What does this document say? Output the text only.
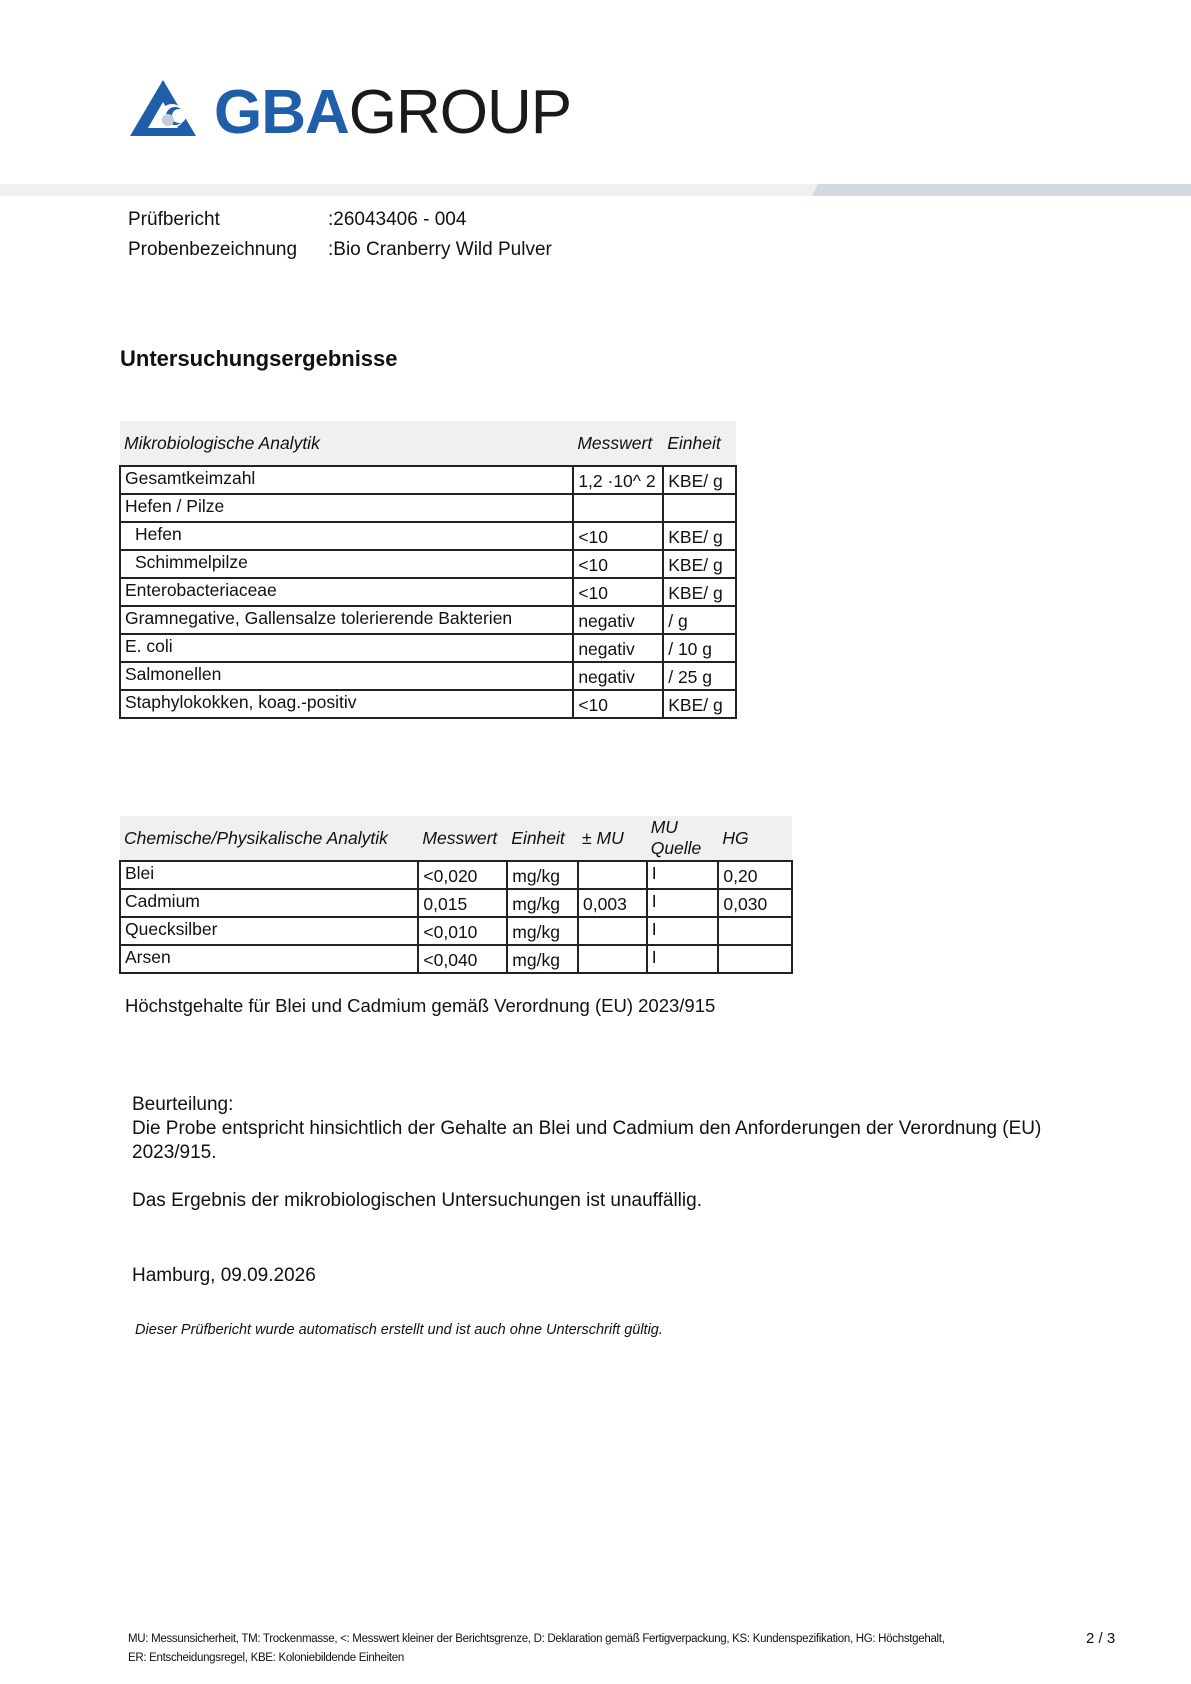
GBAGROUP
Prüfbericht	:26043406 - 004
Probenbezeichnung :Bio Cranberry Wild Pulver
Untersuchungsergebnisse
Mikrobiologische Analytik	Messwert	Einheit
Gesamtkeimzahl	1,2 ·10^ 2	KBE/ g
Hefen / Pilze		
Hefen	<10	KBE/ g
Schimmelpilze	<10	KBE/ g
Enterobacteriaceae	<10	KBE/ g
Gramnegative, Gallensalze tolerierende Bakterien	negativ	/ g
E. coli	negativ	/ 10 g
Salmonellen	negativ	/ 25 g
Staphylokokken, koag.-positiv	<10	KBE/ g
Chemische/Physikalische Analytik	Messwert	Einheit	± MU	MU Quelle	HG
Blei	<0,020	mg/kg		I	0,20
Cadmium	0,015	mg/kg	0,003	I	0,030
Quecksilber	<0,010	mg/kg		I	
Arsen	<0,040	mg/kg		I	
Höchstgehalte für Blei und Cadmium gemäß Verordnung (EU) 2023/915
Beurteilung:
Die Probe entspricht hinsichtlich der Gehalte an Blei und Cadmium den Anforderungen der Verordnung (EU)
2023/915.
Das Ergebnis der mikrobiologischen Untersuchungen ist unauffällig.
Hamburg, 09.09.2026
Dieser Prüfbericht wurde automatisch erstellt und ist auch ohne Unterschrift gültig.
MU: Messunsicherheit, TM: Trockenmasse, <: Messwert kleiner der Berichtsgrenze, D: Deklaration gemäß Fertigverpackung, KS: Kundenspezifikation, HG: Höchstgehalt,
ER: Entscheidungsregel, KBE: Koloniebildende Einheiten
2 / 3
